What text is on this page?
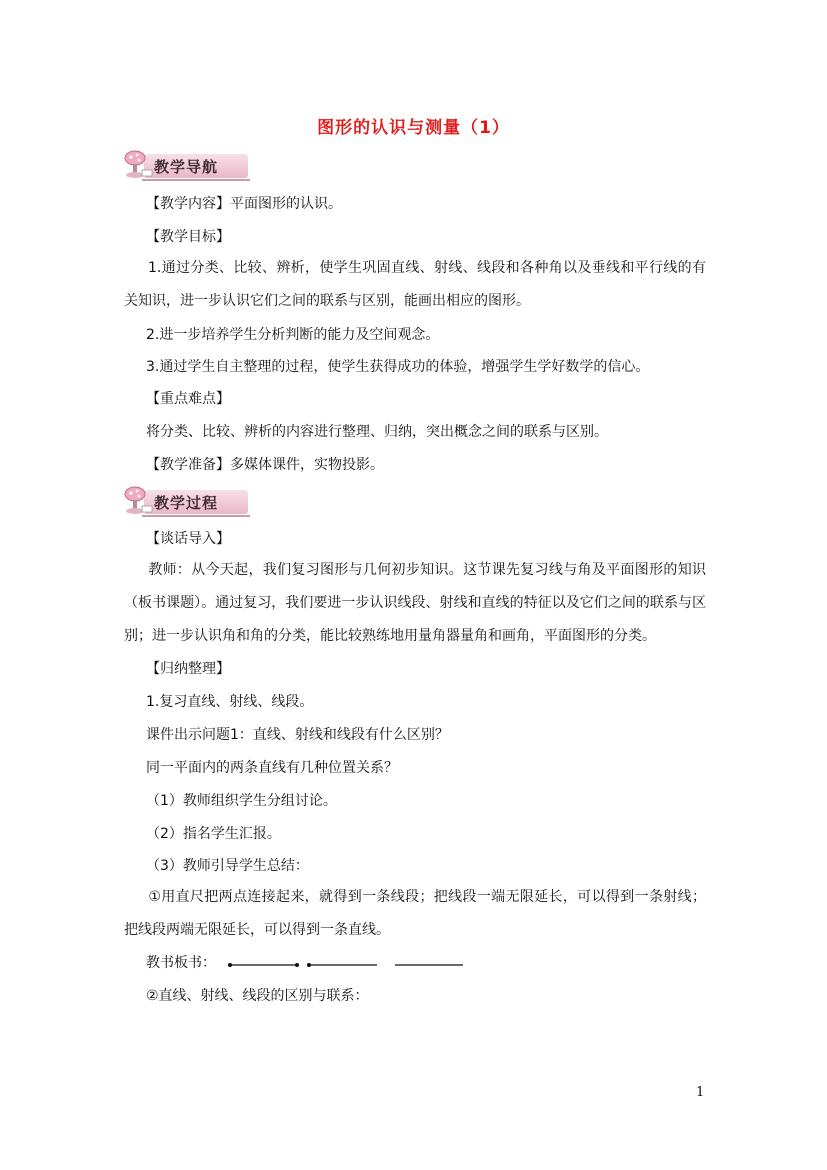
图形的认识与测量（1）
教学导航
【教学内容】平面图形的认识。
【教学目标】
1.通过分类、比较、辨析，使学生巩固直线、射线、线段和各种角以及垂线和平行线的有关知识，进一步认识它们之间的联系与区别，能画出相应的图形。
2.进一步培养学生分析判断的能力及空间观念。
3.通过学生自主整理的过程，使学生获得成功的体验，增强学生学好数学的信心。
【重点难点】
将分类、比较、辨析的内容进行整理、归纳，突出概念之间的联系与区别。
【教学准备】多媒体课件，实物投影。
教学过程
【谈话导入】
教师：从今天起，我们复习图形与几何初步知识。这节课先复习线与角及平面图形的知识（板书课题）。通过复习，我们要进一步认识线段、射线和直线的特征以及它们之间的联系与区别；进一步认识角和角的分类，能比较熟练地用量角器量角和画角，平面图形的分类。
【归纳整理】
1.复习直线、射线、线段。
课件出示问题1：直线、射线和线段有什么区别？
同一平面内的两条直线有几种位置关系？
（1）教师组织学生分组讨论。
（2）指名学生汇报。
（3）教师引导学生总结：
①用直尺把两点连接起来，就得到一条线段；把线段一端无限延长，可以得到一条射线；把线段两端无限延长，可以得到一条直线。
教书板书：
②直线、射线、线段的区别与联系：
1
